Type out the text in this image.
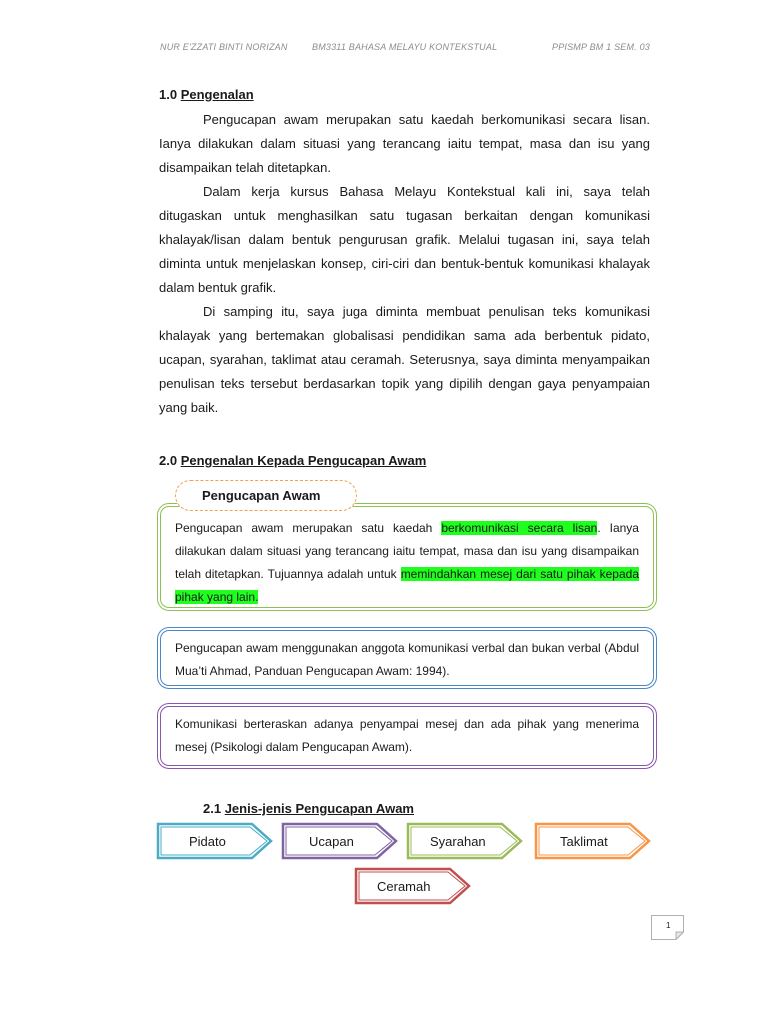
NUR E'ZZATI BINTI NORIZAN	BM3311 BAHASA MELAYU KONTEKSTUAL	PPISMP BM 1 SEM. 03
1.0 Pengenalan

Pengucapan awam merupakan satu kaedah berkomunikasi secara lisan. Ianya dilakukan dalam situasi yang terancang iaitu tempat, masa dan isu yang disampaikan telah ditetapkan.

Dalam kerja kursus Bahasa Melayu Kontekstual kali ini, saya telah ditugaskan untuk menghasilkan satu tugasan berkaitan dengan komunikasi khalayak/lisan dalam bentuk pengurusan grafik. Melalui tugasan ini, saya telah diminta untuk menjelaskan konsep, ciri-ciri dan bentuk-bentuk komunikasi khalayak dalam bentuk grafik.

Di samping itu, saya juga diminta membuat penulisan teks komunikasi khalayak yang bertemakan globalisasi pendidikan sama ada berbentuk pidato, ucapan, syarahan, taklimat atau ceramah. Seterusnya, saya diminta menyampaikan penulisan teks tersebut berdasarkan topik yang dipilih dengan gaya penyampaian yang baik.

2.0 Pengenalan Kepada Pengucapan Awam
Pengucapan Awam

Pengucapan awam merupakan satu kaedah berkomunikasi secara lisan. Ianya dilakukan dalam situasi yang terancang iaitu tempat, masa dan isu yang disampaikan telah ditetapkan. Tujuannya adalah untuk memindahkan mesej dari satu pihak kepada pihak yang lain.

Pengucapan awam menggunakan anggota komunikasi verbal dan bukan verbal (Abdul Mua’ti Ahmad, Panduan Pengucapan Awam: 1994).

Komunikasi berteraskan adanya penyampai mesej dan ada pihak yang menerima mesej (Psikologi dalam Pengucapan Awam).

2.1 Jenis-jenis Pengucapan Awam
Pidato	Ucapan	Syarahan	Taklimat
Ceramah
1
